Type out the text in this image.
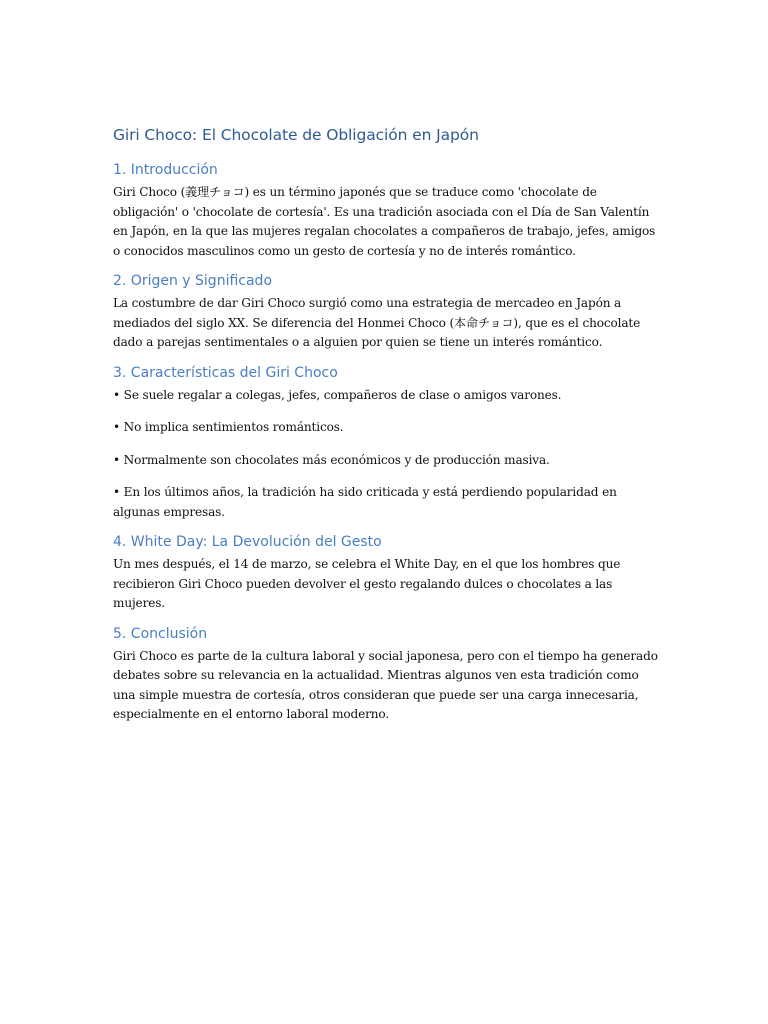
Giri Choco: El Chocolate de Obligación en Japón
1. Introducción

Giri Choco (義理チョコ) es un término japonés que se traduce como 'chocolate de obligación' o 'chocolate de cortesía'. Es una tradición asociada con el Día de San Valentín en Japón, en la que las mujeres regalan chocolates a compañeros de trabajo, jefes, amigos o conocidos masculinos como un gesto de cortesía y no de interés romántico.

2. Origen y Significado

La costumbre de dar Giri Choco surgió como una estrategia de mercadeo en Japón a mediados del siglo XX. Se diferencia del Honmei Choco (本命チョコ), que es el chocolate dado a parejas sentimentales o a alguien por quien se tiene un interés romántico.

3. Características del Giri Choco

• Se suele regalar a colegas, jefes, compañeros de clase o amigos varones.

• No implica sentimientos románticos.

• Normalmente son chocolates más económicos y de producción masiva.

• En los últimos años, la tradición ha sido criticada y está perdiendo popularidad en algunas empresas.

4. White Day: La Devolución del Gesto

Un mes después, el 14 de marzo, se celebra el White Day, en el que los hombres que recibieron Giri Choco pueden devolver el gesto regalando dulces o chocolates a las mujeres.

5. Conclusión

Giri Choco es parte de la cultura laboral y social japonesa, pero con el tiempo ha generado debates sobre su relevancia en la actualidad. Mientras algunos ven esta tradición como una simple muestra de cortesía, otros consideran que puede ser una carga innecesaria, especialmente en el entorno laboral moderno.
